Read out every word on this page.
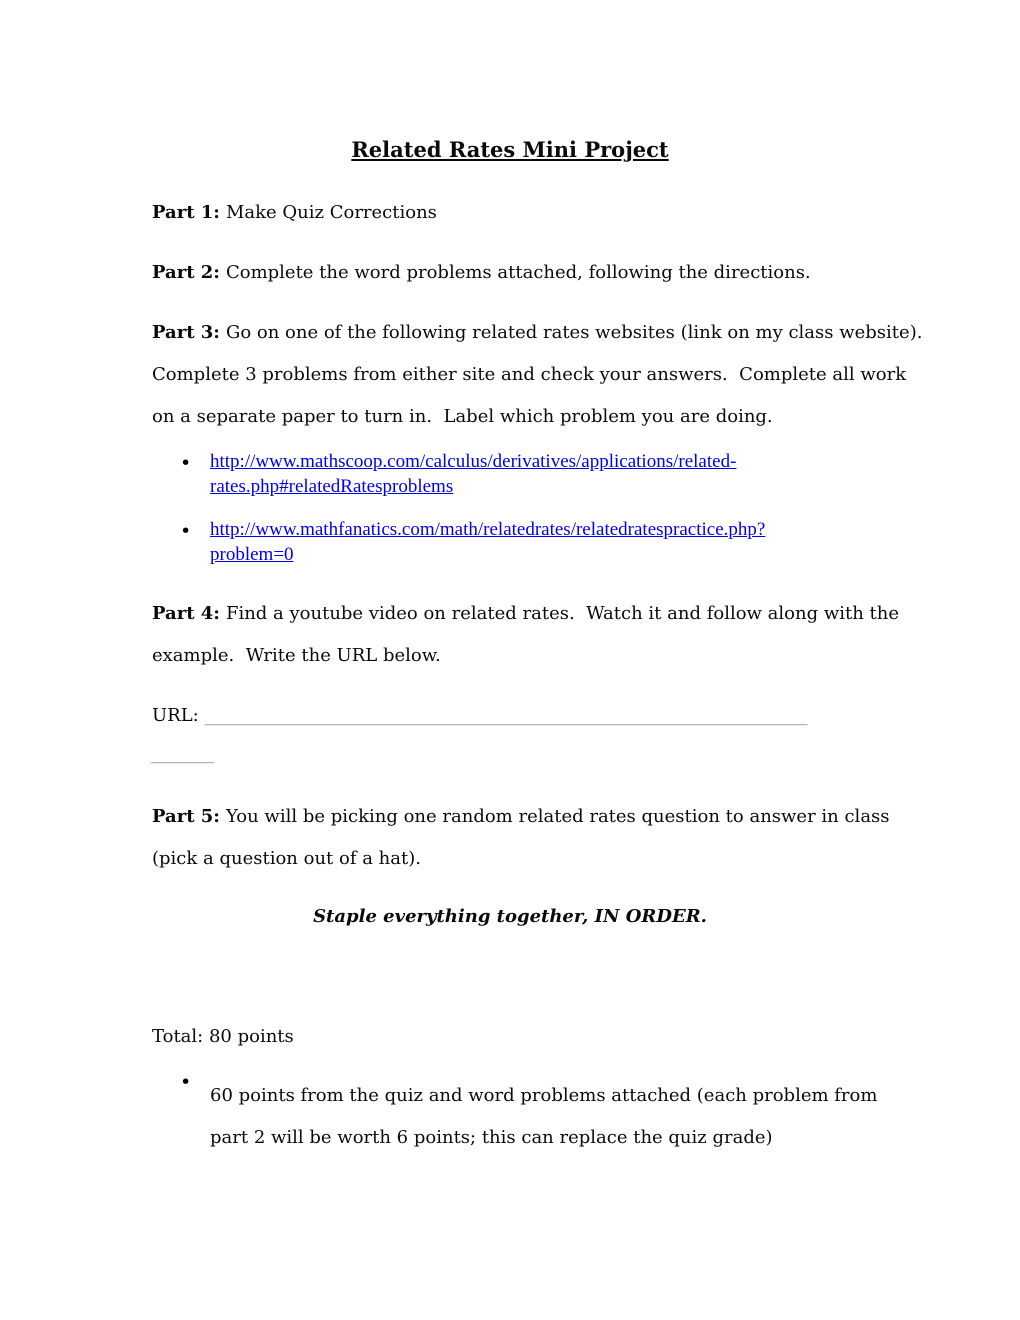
Related Rates Mini Project
Part 1: Make Quiz Corrections
Part 2: Complete the word problems attached, following the directions.
Part 3: Go on one of the following related rates websites (link on my class website).
Complete 3 problems from either site and check your answers.  Complete all work
on a separate paper to turn in.  Label which problem you are doing.
• http://www.mathscoop.com/calculus/derivatives/applications/related-
rates.php#relatedRatesproblems
• http://www.mathfanatics.com/math/relatedrates/relatedratespractice.php?
problem=0
Part 4: Find a youtube video on related rates.  Watch it and follow along with the
example.  Write the URL below.
URL: ___________________________________________________________________
_______
Part 5: You will be picking one random related rates question to answer in class
(pick a question out of a hat).
Staple everything together, IN ORDER.
Total: 80 points
•
60 points from the quiz and word problems attached (each problem from
part 2 will be worth 6 points; this can replace the quiz grade)
